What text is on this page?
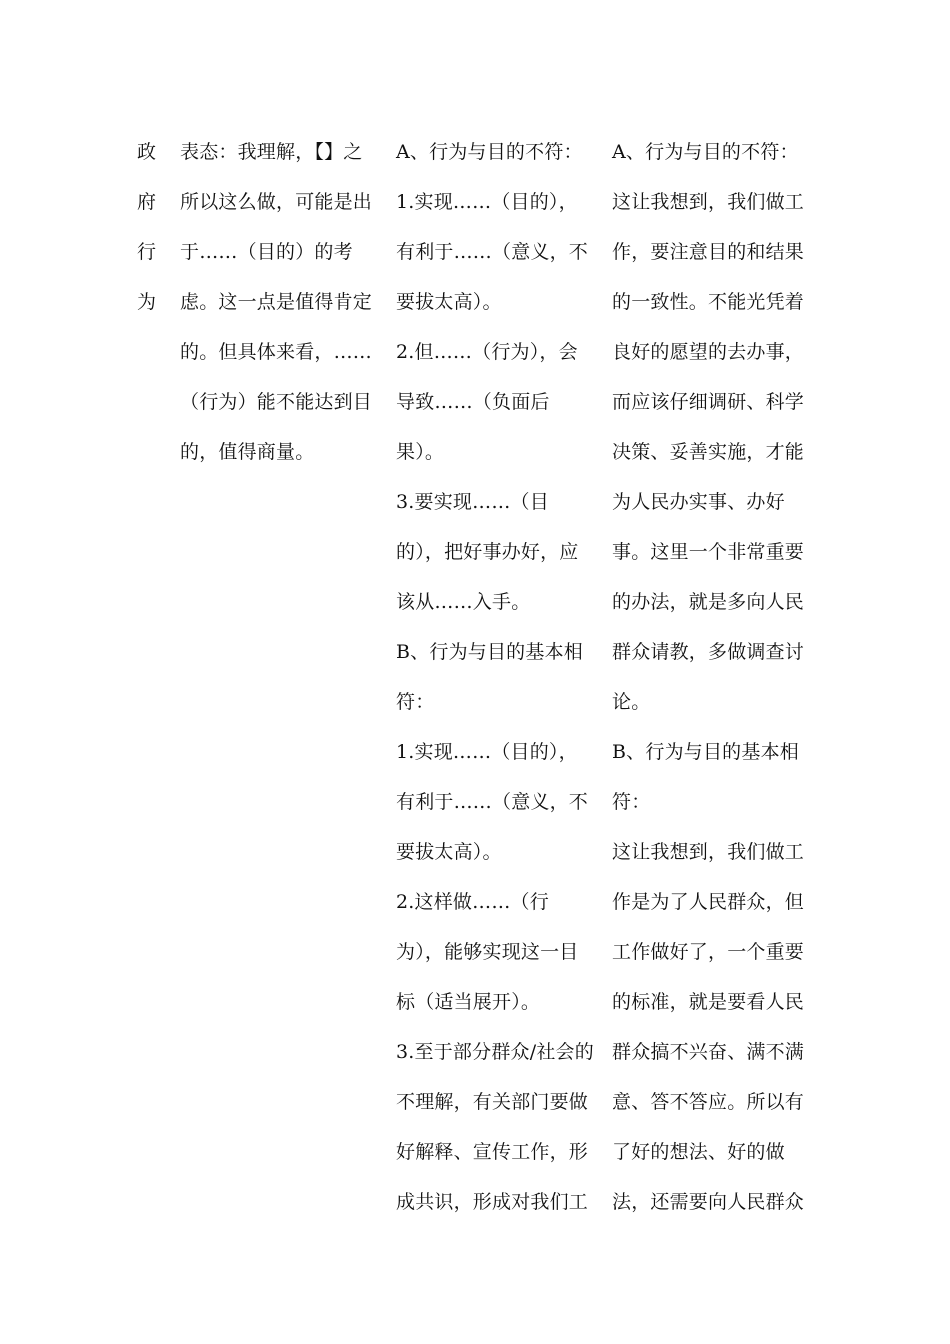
政
府
行
为

表态：我理解，【】之所以这么做，可能是出于……（目的）的考虑。这一点是值得肯定的。但具体来看，……（行为）能不能达到目的，值得商量。

A、行为与目的不符：

1.实现……（目的），有利于……（意义，不要拔太高）。

2.但……（行为），会导致……（负面后果）。

3.要实现……（目的），把好事办好，应该从……入手。

B、行为与目的基本相符：

1.实现……（目的），有利于……（意义，不要拔太高）。

2.这样做……（行为），能够实现这一目标（适当展开）。

3.至于部分群众/社会的不理解，有关部门要做好解释、宣传工作，形成共识，形成对我们工

A、行为与目的不符：

这让我想到，我们做工作，要注意目的和结果的一致性。不能光凭着良好的愿望的去办事，而应该仔细调研、科学决策、妥善实施，才能为人民办实事、办好事。这里一个非常重要的办法，就是多向人民群众请教，多做调查讨论。

B、行为与目的基本相符：

这让我想到，我们做工作是为了人民群众，但工作做好了，一个重要的标准，就是要看人民群众搞不兴奋、满不满意、答不答应。所以有了好的想法、好的做法，还需要向人民群众
